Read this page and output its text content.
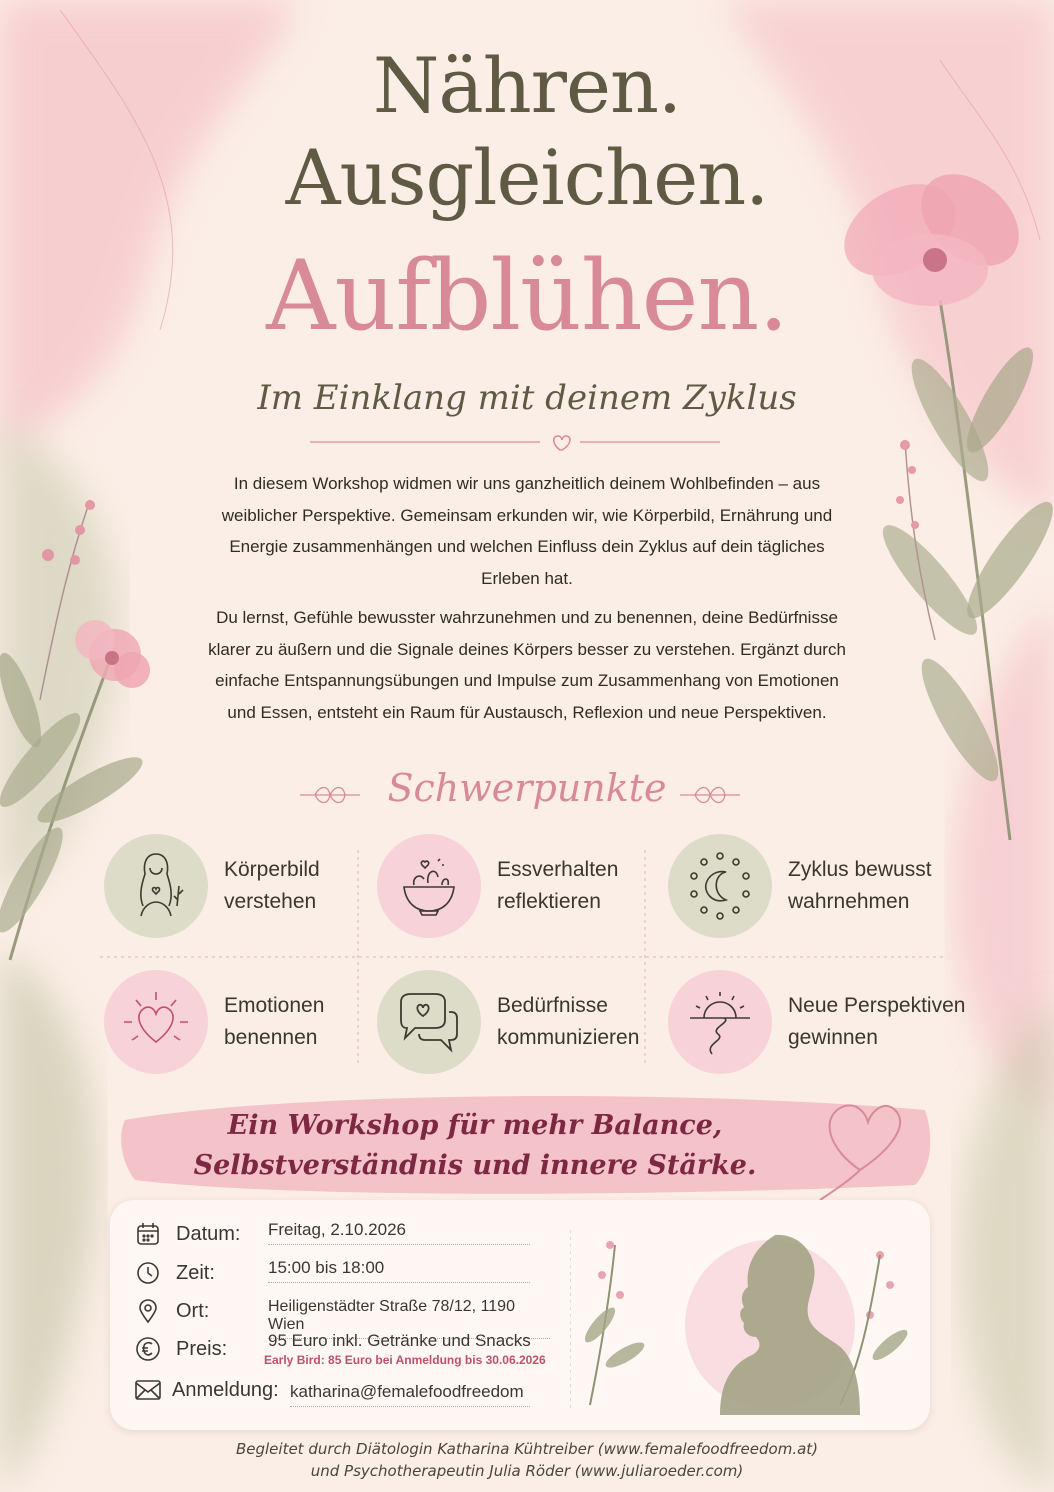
Nähren.
Ausgleichen.
Aufblühen.
Im Einklang mit deinem Zyklus

In diesem Workshop widmen wir uns ganzheitlich deinem Wohlbefinden – aus weiblicher Perspektive. Gemeinsam erkunden wir, wie Körperbild, Ernährung und Energie zusammenhängen und welchen Einfluss dein Zyklus auf dein tägliches Erleben hat.

Du lernst, Gefühle bewusster wahrzunehmen und zu benennen, deine Bedürfnisse klarer zu äußern und die Signale deines Körpers besser zu verstehen. Ergänzt durch einfache Entspannungsübungen und Impulse zum Zusammenhang von Emotionen und Essen, entsteht ein Raum für Austausch, Reflexion und neue Perspektiven.

Schwerpunkte
Körperbild
verstehen
Essverhalten
reflektieren
Zyklus bewusst
wahrnehmen
Emotionen
benennen
Bedürfnisse
kommunizieren
Neue Perspektiven
gewinnen
Ein Workshop für mehr Balance,
Selbstverständnis und innere Stärke.
Datum:	Freitag, 2.10.2026
Zeit:	15:00 bis 18:00
Ort:	Heiligenstädter Straße 78/12, 1190 Wien
Preis:	95 Euro inkl. Getränke und Snacks
Early Bird: 85 Euro bei Anmeldung bis 30.06.2026
Anmeldung: katharina@femalefoodfreedom
Begleitet durch Diätologin Katharina Kühtreiber (www.femalefoodfreedom.at)
und Psychotherapeutin Julia Röder (www.juliaroeder.com)
